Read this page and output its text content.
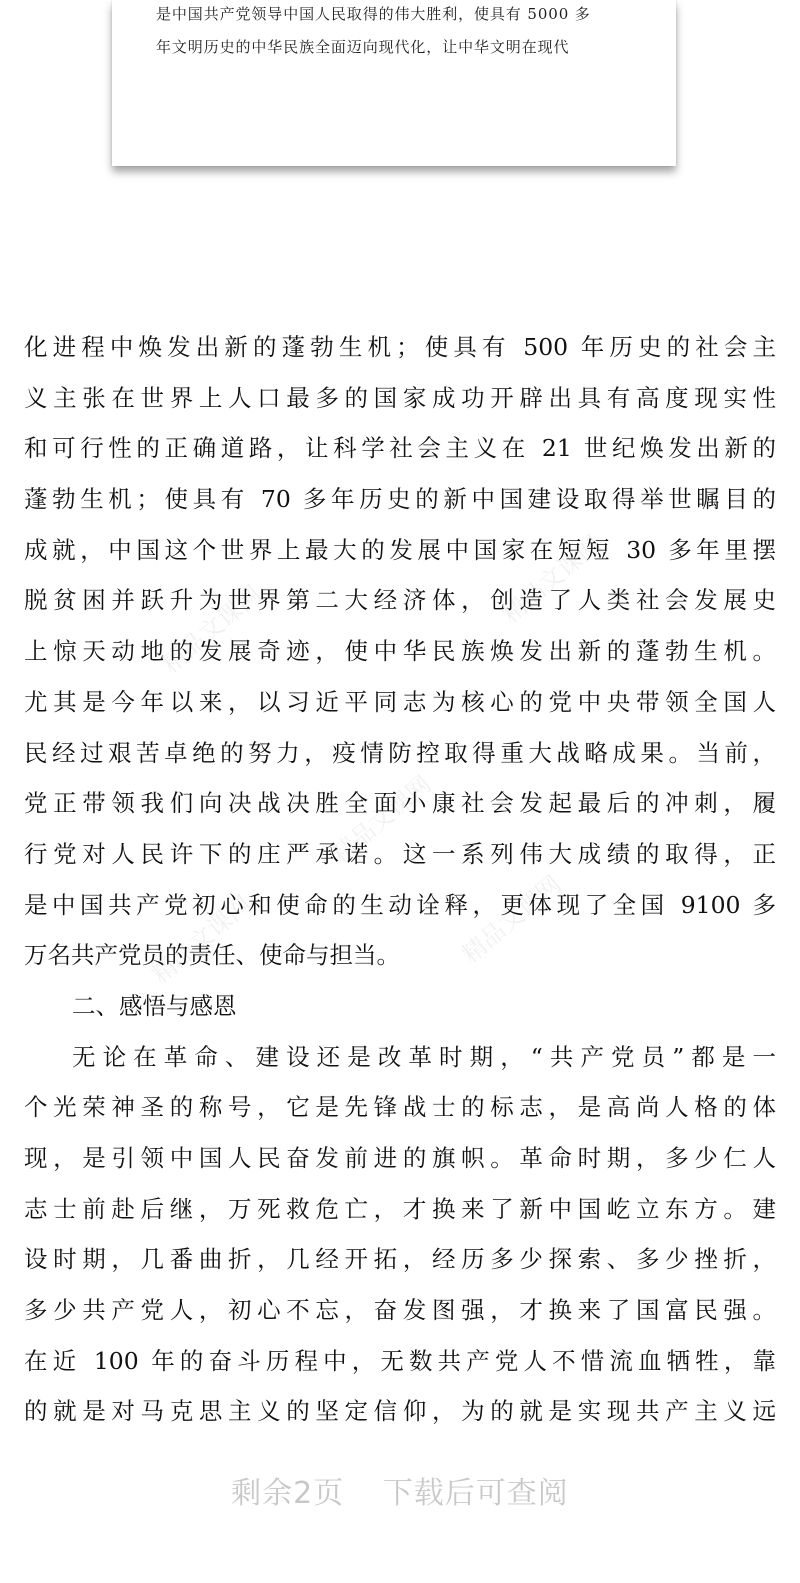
是中国共产党领导中国人民取得的伟大胜利，使具有 5000 多
年文明历史的中华民族全面迈向现代化，让中华文明在现代
精品文课网
精品文课网
精品文课网
精品文课网	精品文课网
化进程中焕发出新的蓬勃生机；使具有 500 年历史的社会主
义主张在世界上人口最多的国家成功开辟出具有高度现实性
和可行性的正确道路，让科学社会主义在 21 世纪焕发出新的
蓬勃生机；使具有 70 多年历史的新中国建设取得举世瞩目的
成就，中国这个世界上最大的发展中国家在短短 30 多年里摆
脱贫困并跃升为世界第二大经济体，创造了人类社会发展史
上惊天动地的发展奇迹，使中华民族焕发出新的蓬勃生机。
尤其是今年以来，以习近平同志为核心的党中央带领全国人
民经过艰苦卓绝的努力，疫情防控取得重大战略成果。当前，
党正带领我们向决战决胜全面小康社会发起最后的冲刺，履
行党对人民许下的庄严承诺。这一系列伟大成绩的取得，正
是中国共产党初心和使命的生动诠释，更体现了全国 9100 多
万名共产党员的责任、使命与担当。
二、感悟与感恩
无论在革命、建设还是改革时期，“共产党员”都是一
个光荣神圣的称号，它是先锋战士的标志，是高尚人格的体
现，是引领中国人民奋发前进的旗帜。革命时期，多少仁人
志士前赴后继，万死救危亡，才换来了新中国屹立东方。建
设时期，几番曲折，几经开拓，经历多少探索、多少挫折，
多少共产党人，初心不忘，奋发图强，才换来了国富民强。
在近 100 年的奋斗历程中，无数共产党人不惜流血牺牲，靠
的就是对马克思主义的坚定信仰，为的就是实现共产主义远
剩余2页 下载后可查阅
